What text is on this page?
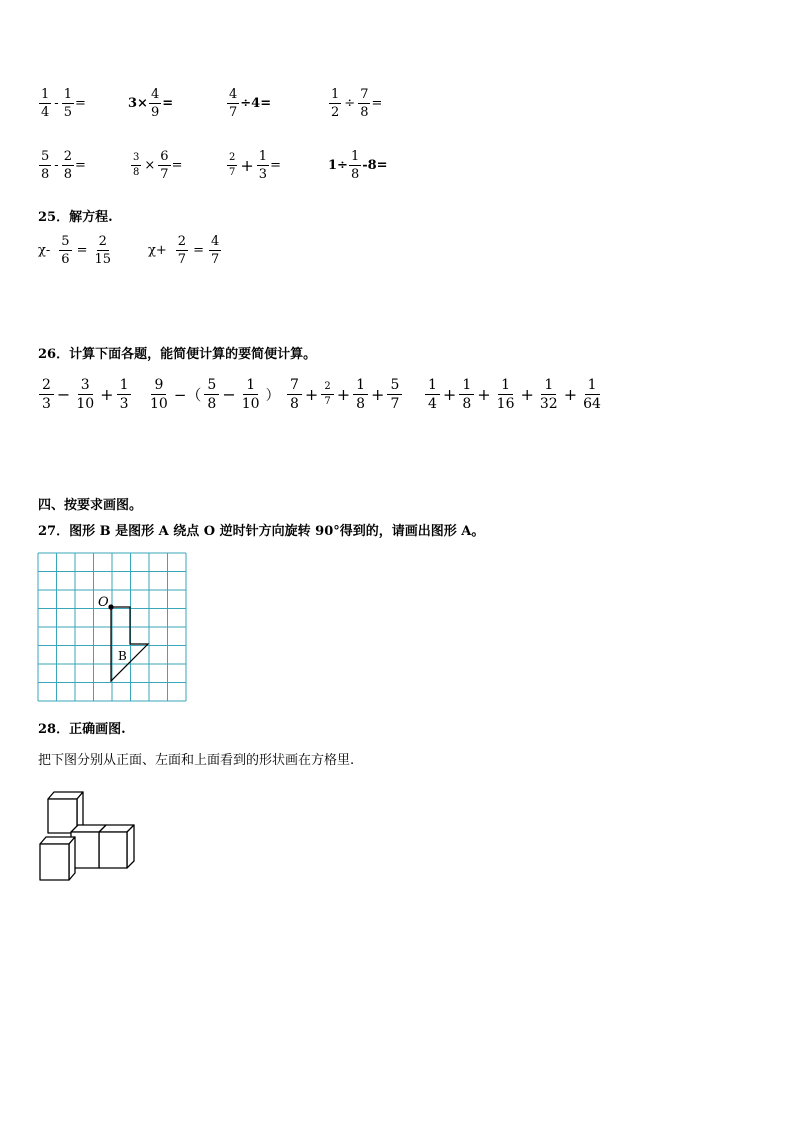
$\frac{1}{4} - \frac{1}{5}$ =	$3\times \frac{4}{9}$ =	$\frac{4}{7} \div 4=$	$\frac{1}{2} \div \frac{7}{8}$ =
$\frac{5}{8} - \frac{2}{8}$ =	$\frac{3}{8} \times \frac{6}{7}$ =	$\frac{2}{7} + \frac{1}{3}$ =	$1\div \frac{1}{8} -8=$
25．解方程.
$\chi- \frac{5}{6} = \frac{2}{15}$	$\chi+ \frac{2}{7} = \frac{4}{7}$
26．计算下面各题，能简便计算的要简便计算。
$\frac{2}{3} - \frac{3}{10} + \frac{1}{3} \frac{9}{10}$ −（ $\frac{5}{8} - \frac{1}{10}$ ） $\frac{7}{8} + \frac{2}{7} + \frac{1}{8} + \frac{5}{7} \frac{1}{4} + \frac{1}{8} + \frac{1}{16} + \frac{1}{32} + \frac{1}{64}$
四、按要求画图。
27．图形 B 是图形 A 绕点 O 逆时针方向旋转 90°得到的，请画出图形 A。
O
B
28．正确画图.
把下图分别从正面、左面和上面看到的形状画在方格里.
